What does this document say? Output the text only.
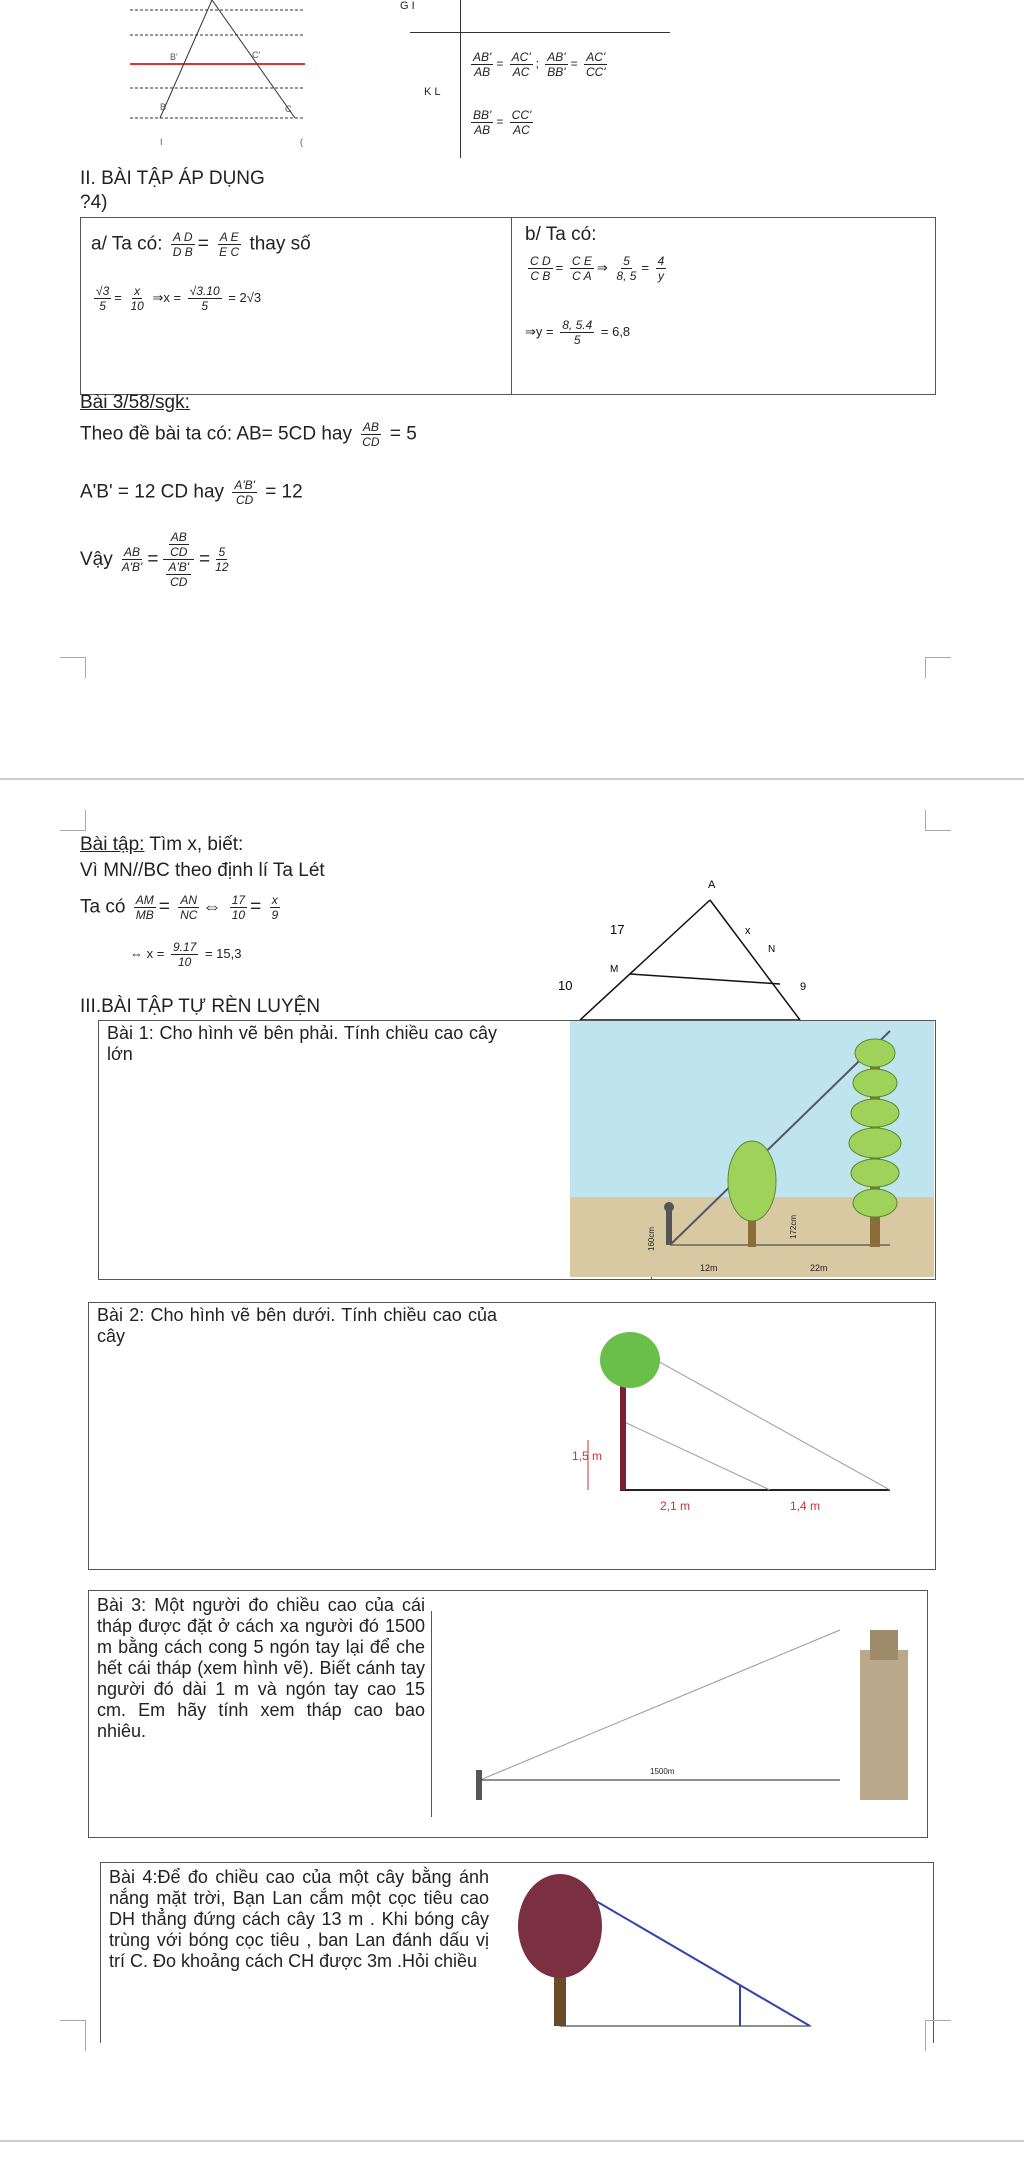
B'	C'
B	C
I	(
G I
K L
$\frac{AB'}{AB} = \frac{AC'}{AC}$ ; $\frac{AB'}{BB'} = \frac{AC'}{CC'}$
$\frac{BB'}{AB} = \frac{CC'}{AC}$
II. BÀI TẬP ÁP DỤNG
?4)
a/ Ta có: $\frac{\text{A D}}{\text{D B}} = \frac{\text{A E}}{\text{E C}}$ thay số
$\frac{√3}{5} = \frac{x}{10}$ ⇒x = $\frac{√3.10}{5} = 2√3$
b/ Ta có:
$\frac{\text{C D}}{\text{C B}} = \frac{\text{C E}}{\text{C A}}$ ⇒ $\frac{5}{8, 5} = \frac{4}{y}$
⇒y = $\frac{8, 5.4}{5} = 6,8$
Bài 3/58/sgk:
Theo đề bài ta có: AB= 5CD hay $\frac{AB}{CD} = 5$
A'B' = 12 CD hay $\frac{A'B'}{CD} = 12$
Vậy $\frac{AB}{A'B'} = \frac{\frac{AB}{CD}}{\frac{A'B'}{CD}} = \frac{5}{12}$
Bài tập: Tìm x, biết:
Vì MN//BC theo định lí Ta Lét
Ta có $\frac{AM}{MB} = \frac{AN}{NC}$ ⇔ $\frac{17}{10} = \frac{x}{9}$
⇔ $x = \frac{9.17}{10} = 15,3$
A
17	x
N
M
10	9
III.BÀI TẬP TỰ RÈN LUYỆN
Bài 1: Cho hình vẽ bên phải. Tính chiều cao cây lớn
12m	22m
160cm	172cm
Bài 2: Cho hình vẽ bên dưới. Tính chiều cao của cây
1,5 m
2,1 m	1,4 m
Bài 3: Một người đo chiều cao của cái tháp được đặt ở cách xa người đó 1500 m bằng cách cong 5 ngón tay lại để che hết cái tháp (xem hình vẽ). Biết cánh tay người đó dài 1 m và ngón tay cao 15 cm. Em hãy tính xem tháp cao bao nhiêu.
1500m
Bài 4:Để đo chiều cao của một cây bằng ánh nắng mặt trời, Bạn Lan cắm một cọc tiêu cao DH thẳng đứng cách cây 13 m . Khi bóng cây trùng với bóng cọc tiêu , ban Lan đánh dấu vị trí C. Đo khoảng cách CH được 3m .Hỏi chiều
